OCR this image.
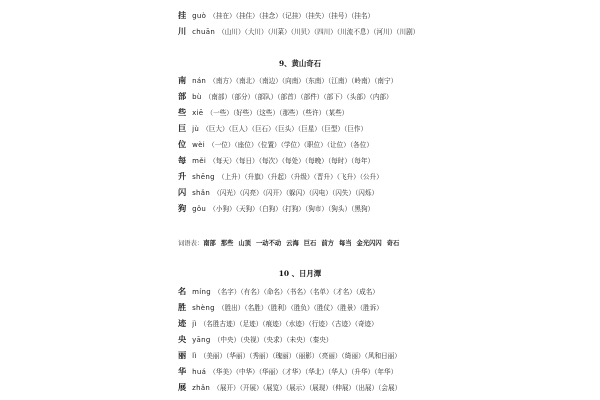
挂 guò （挂在）（挂住）（挂念）（记挂）（挂失）（挂号）（挂名）
川 chuān （山川）（大川）（川菜）（川贝）（四川）（川流不息）（河川）（川剧）
9、黄山奇石
南 nán （南方）（南北）（南边）（向南）（东南）（江南）（岭南）（南宁）
部 bù （南部）（部分）（部队）（部首）（部件）（部下）（头部）（内部）
些 xiē （一些）（好些）（这些）（那些）（些许）（某些）
巨 jù （巨大）（巨人）（巨石）（巨头）（巨星）（巨型）（巨作）
位 wèi （一位）（座位）（位置）（学位）（职位）（让位）（各位）
每 měi （每天）（每日）（每次）（每处）（每晚）（每时）（每年）
升 shēng （上升）（升旗）（升起）（升级）（晋升）（飞升）（公升）
闪 shǎn （闪光）（闪亮）（闪开）（躲闪）（闪电）（闪失）（闪烁）
狗 gǒu （小狗）（天狗）（白狗）（打狗）（狗市）（狗头）（黑狗）
词语表：南部 那些 山顶 一动不动 云海 巨石 前方 每当 金光闪闪 奇石
10 、日月潭
名 míng （名字）（有名）（命名）（书名）（名单）（才名）（成名）
胜 shèng （胜出）（名胜）（胜利）（胜负）（胜仗）（胜景）（胜诉）
迹 jì （名胜古迹）（足迹）（痕迹）（水迹）（行迹）（古迹）（奇迹）
央 yāng （中央）（央视）（央求）（未央）（秦央）
丽 lì （美丽）（华丽）（秀丽）（瑰丽）（丽影）（亮丽）（绮丽）（风和日丽）
华 huá （华美）（中华）（华丽）（才华）（华北）（华人）（升华）（年华）
展 zhǎn （展开）（开展）（展览）（展示）（展现）（伸展）（出展）（会展）
